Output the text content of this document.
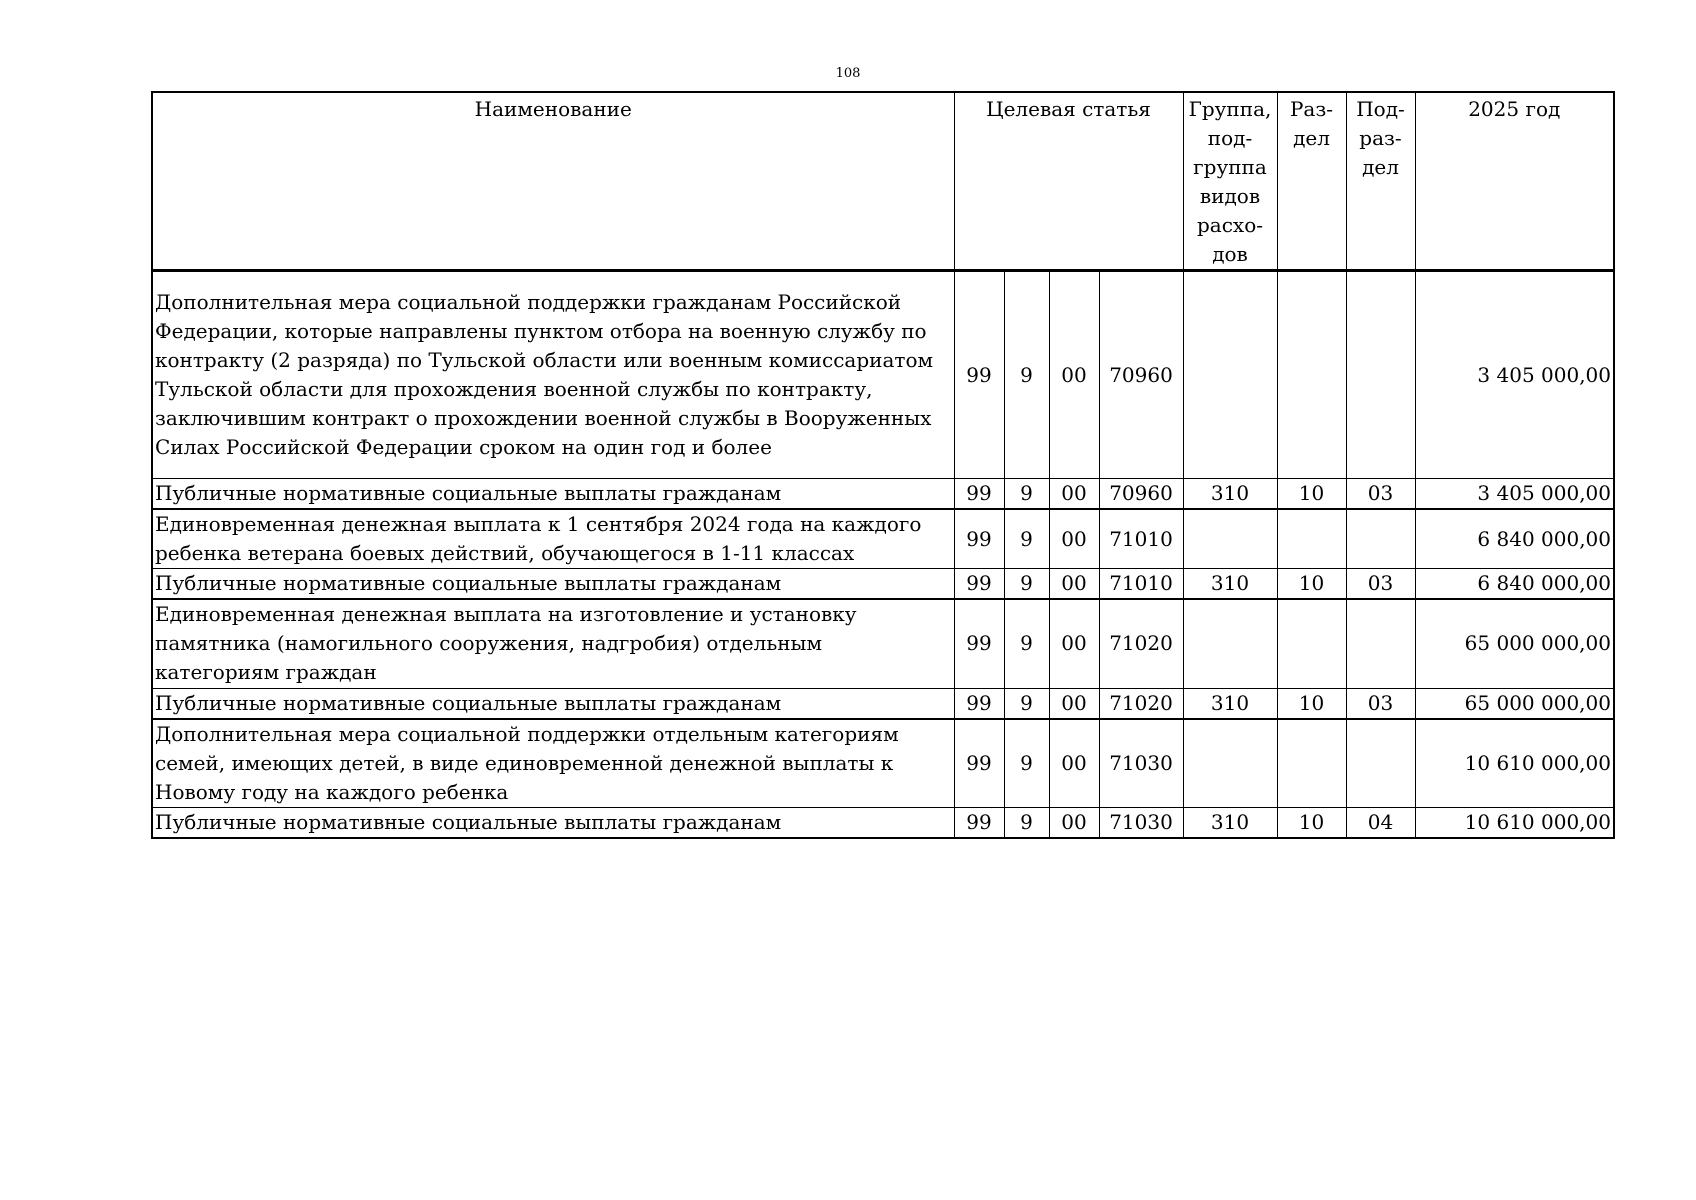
108
Наименование	Целевая статья				Группа, под-группа видов расхо-дов	Раз-дел	Под-раз-дел	2025 год
Дополнительная мера социальной поддержки гражданам Российской Федерации, которые направлены пунктом отбора на военную службу по контракту (2 разряда) по Тульской области или военным комиссариатом Тульской области для прохождения военной службы по контракту, заключившим контракт о прохождении военной службы в Вооруженных Силах Российской Федерации сроком на один год и более	99	9	00	70960				3 405 000,00
Публичные нормативные социальные выплаты гражданам	99	9	00	70960	310	10	03	3 405 000,00
Единовременная денежная выплата к 1 сентября 2024 года на каждого ребенка ветерана боевых действий, обучающегося в 1-11 классах	99	9	00	71010				6 840 000,00
Публичные нормативные социальные выплаты гражданам	99	9	00	71010	310	10	03	6 840 000,00
Единовременная денежная выплата на изготовление и установку памятника (намогильного сооружения, надгробия) отдельным категориям граждан	99	9	00	71020				65 000 000,00
Публичные нормативные социальные выплаты гражданам	99	9	00	71020	310	10	03	65 000 000,00
Дополнительная мера социальной поддержки отдельным категориям семей, имеющих детей, в виде единовременной денежной выплаты к Новому году на каждого ребенка	99	9	00	71030				10 610 000,00
Публичные нормативные социальные выплаты гражданам	99	9	00	71030	310	10	04	10 610 000,00
